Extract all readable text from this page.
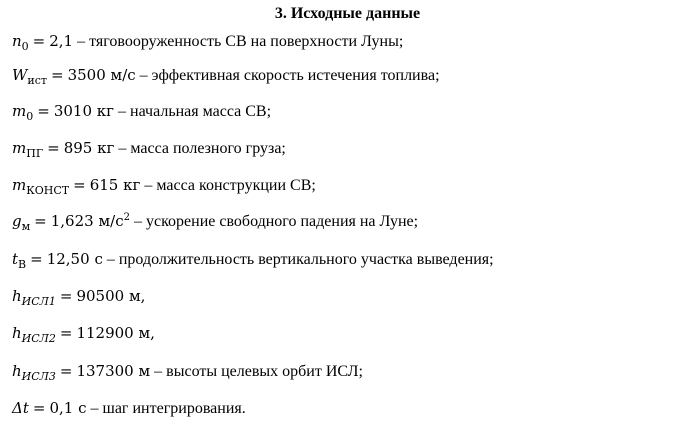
3. Исходные данные
$n_0 = 2,1$ – тяговооруженность СВ на поверхности Луны;
$W_{ист} = 3500$ м/с – эффективная скорость истечения топлива;
$m_0 = 3010$ кг – начальная масса СВ;
$m_{ПГ} = 895$ кг – масса полезного груза;
$m_{КОНСТ} = 615$ кг – масса конструкции СВ;
$g_м = 1,623$ $м/с^2$ – ускорение свободного падения на Луне;
$t_В = 12,50$ с – продолжительность вертикального участка выведения;
$h_{ИСЛ1} = 90500$ м,
$h_{ИСЛ2} = 112900$ м,
$h_{ИСЛ3} = 137300$ м – высоты целевых орбит ИСЛ;
Δt = 0,1 с – шаг интегрирования.
